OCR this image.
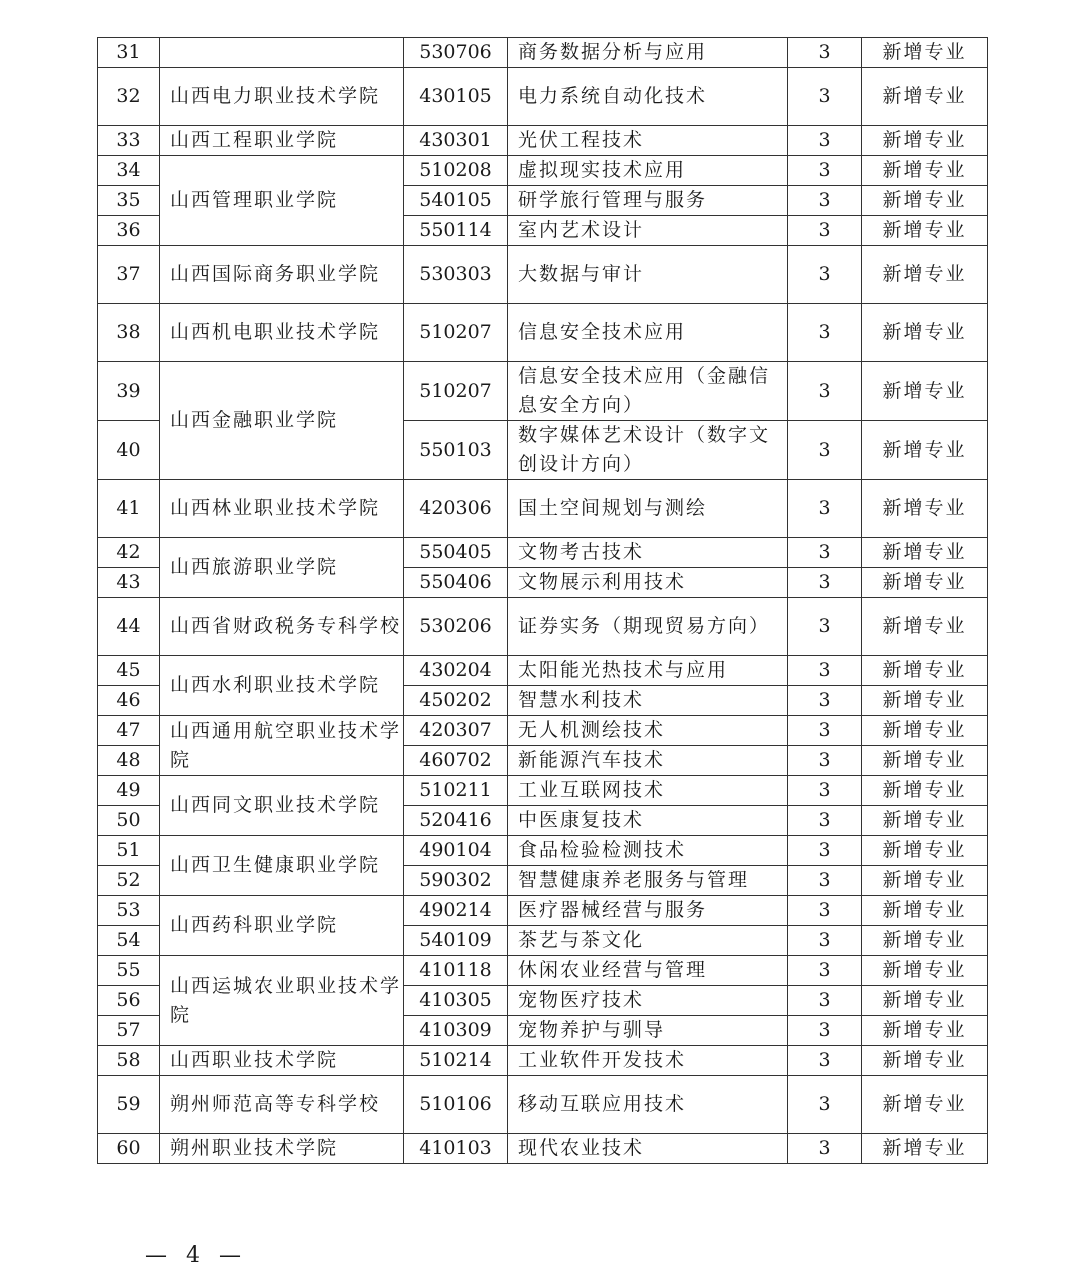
31		530706	商务数据分析与应用	3	新增专业
32	山西电力职业技术学院	430105	电力系统自动化技术	3	新增专业
33	山西工程职业学院	430301	光伏工程技术	3	新增专业
34	山西管理职业学院	510208	虚拟现实技术应用	3	新增专业
35		540105	研学旅行管理与服务	3	新增专业
36		550114	室内艺术设计	3	新增专业
37	山西国际商务职业学院	530303	大数据与审计	3	新增专业
38	山西机电职业技术学院	510207	信息安全技术应用	3	新增专业
39	山西金融职业学院	510207	信息安全技术应用（金融信息安全方向）	3	新增专业
40		550103	数字媒体艺术设计（数字文创设计方向）	3	新增专业
41	山西林业职业技术学院	420306	国土空间规划与测绘	3	新增专业
42	山西旅游职业学院	550405	文物考古技术	3	新增专业
43		550406	文物展示利用技术	3	新增专业
44	山西省财政税务专科学校	530206	证券实务（期现贸易方向）	3	新增专业
45	山西水利职业技术学院	430204	太阳能光热技术与应用	3	新增专业
46		450202	智慧水利技术	3	新增专业
47	山西通用航空职业技术学院	420307	无人机测绘技术	3	新增专业
48		460702	新能源汽车技术	3	新增专业
49	山西同文职业技术学院	510211	工业互联网技术	3	新增专业
50		520416	中医康复技术	3	新增专业
51	山西卫生健康职业学院	490104	食品检验检测技术	3	新增专业
52		590302	智慧健康养老服务与管理	3	新增专业
53	山西药科职业学院	490214	医疗器械经营与服务	3	新增专业
54		540109	茶艺与茶文化	3	新增专业
55	山西运城农业职业技术学院	410118	休闲农业经营与管理	3	新增专业
56		410305	宠物医疗技术	3	新增专业
57		410309	宠物养护与驯导	3	新增专业
58	山西职业技术学院	510214	工业软件开发技术	3	新增专业
59	朔州师范高等专科学校	510106	移动互联应用技术	3	新增专业
60	朔州职业技术学院	410103	现代农业技术	3	新增专业
— 4 —
